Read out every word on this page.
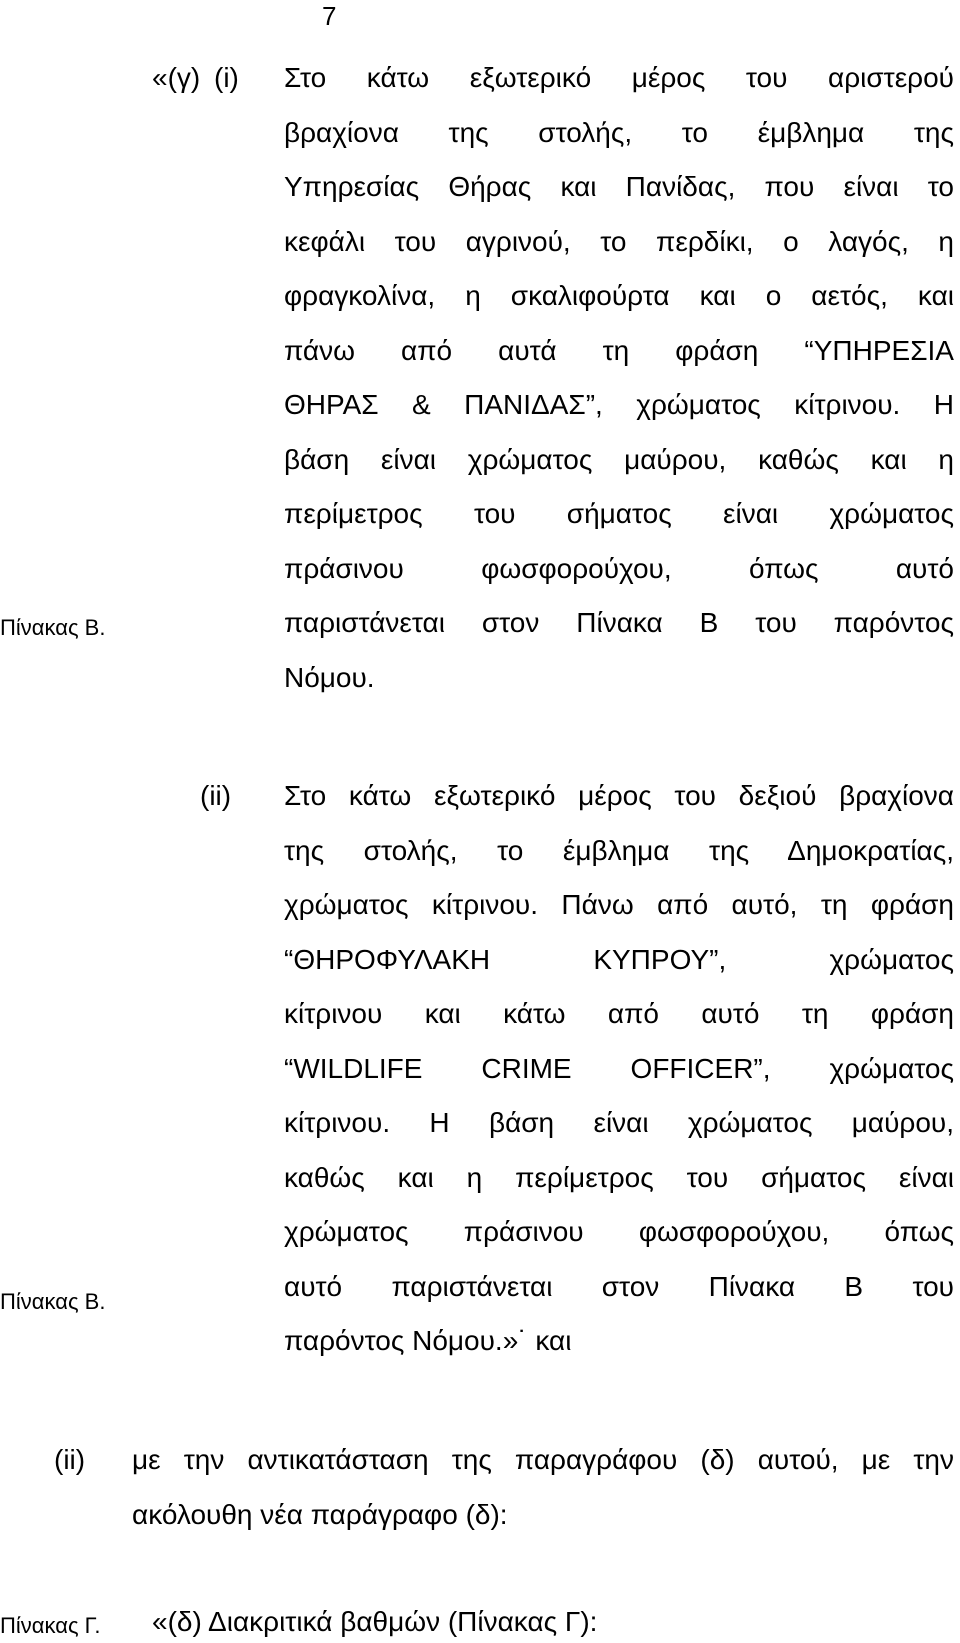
7
«(γ) (i) Στο κάτω εξωτερικό μέρος του αριστερού
βραχίονα της στολής, το έμβλημα της
Υπηρεσίας Θήρας και Πανίδας, που είναι το
κεφάλι του αγρινού, το περδίκι, ο λαγός, η
φραγκολίνα, η σκαλιφούρτα και ο αετός, και
πάνω από αυτά τη φράση “ΥΠΗΡΕΣΙΑ
ΘΗΡΑΣ & ΠΑΝΙΔΑΣ”, χρώματος κίτρινου. Η
βάση είναι χρώματος μαύρου, καθώς και η
περίμετρος του σήματος είναι χρώματος
πράσινου φωσφορούχου, όπως αυτό
παριστάνεται στον Πίνακα Β του παρόντος
Νόμου.
Πίνακας Β.
(ii) Στο κάτω εξωτερικό μέρος του δεξιού βραχίονα
της στολής, το έμβλημα της Δημοκρατίας,
χρώματος κίτρινου. Πάνω από αυτό, τη φράση
“ΘΗΡΟΦΥΛΑΚΗ ΚΥΠΡΟΥ”, χρώματος
κίτρινου και κάτω από αυτό τη φράση
“WILDLIFE CRIME OFFICER”, χρώματος
κίτρινου. Η βάση είναι χρώματος μαύρου,
καθώς και η περίμετρος του σήματος είναι
χρώματος πράσινου φωσφορούχου, όπως
αυτό παριστάνεται στον Πίνακα Β του
παρόντος Νόμου.»˙ και
Πίνακας Β.
(ii) με την αντικατάσταση της παραγράφου (δ) αυτού, με την
ακόλουθη νέα παράγραφο (δ):
Πίνακας Γ. «(δ) Διακριτικά βαθμών (Πίνακας Γ):
